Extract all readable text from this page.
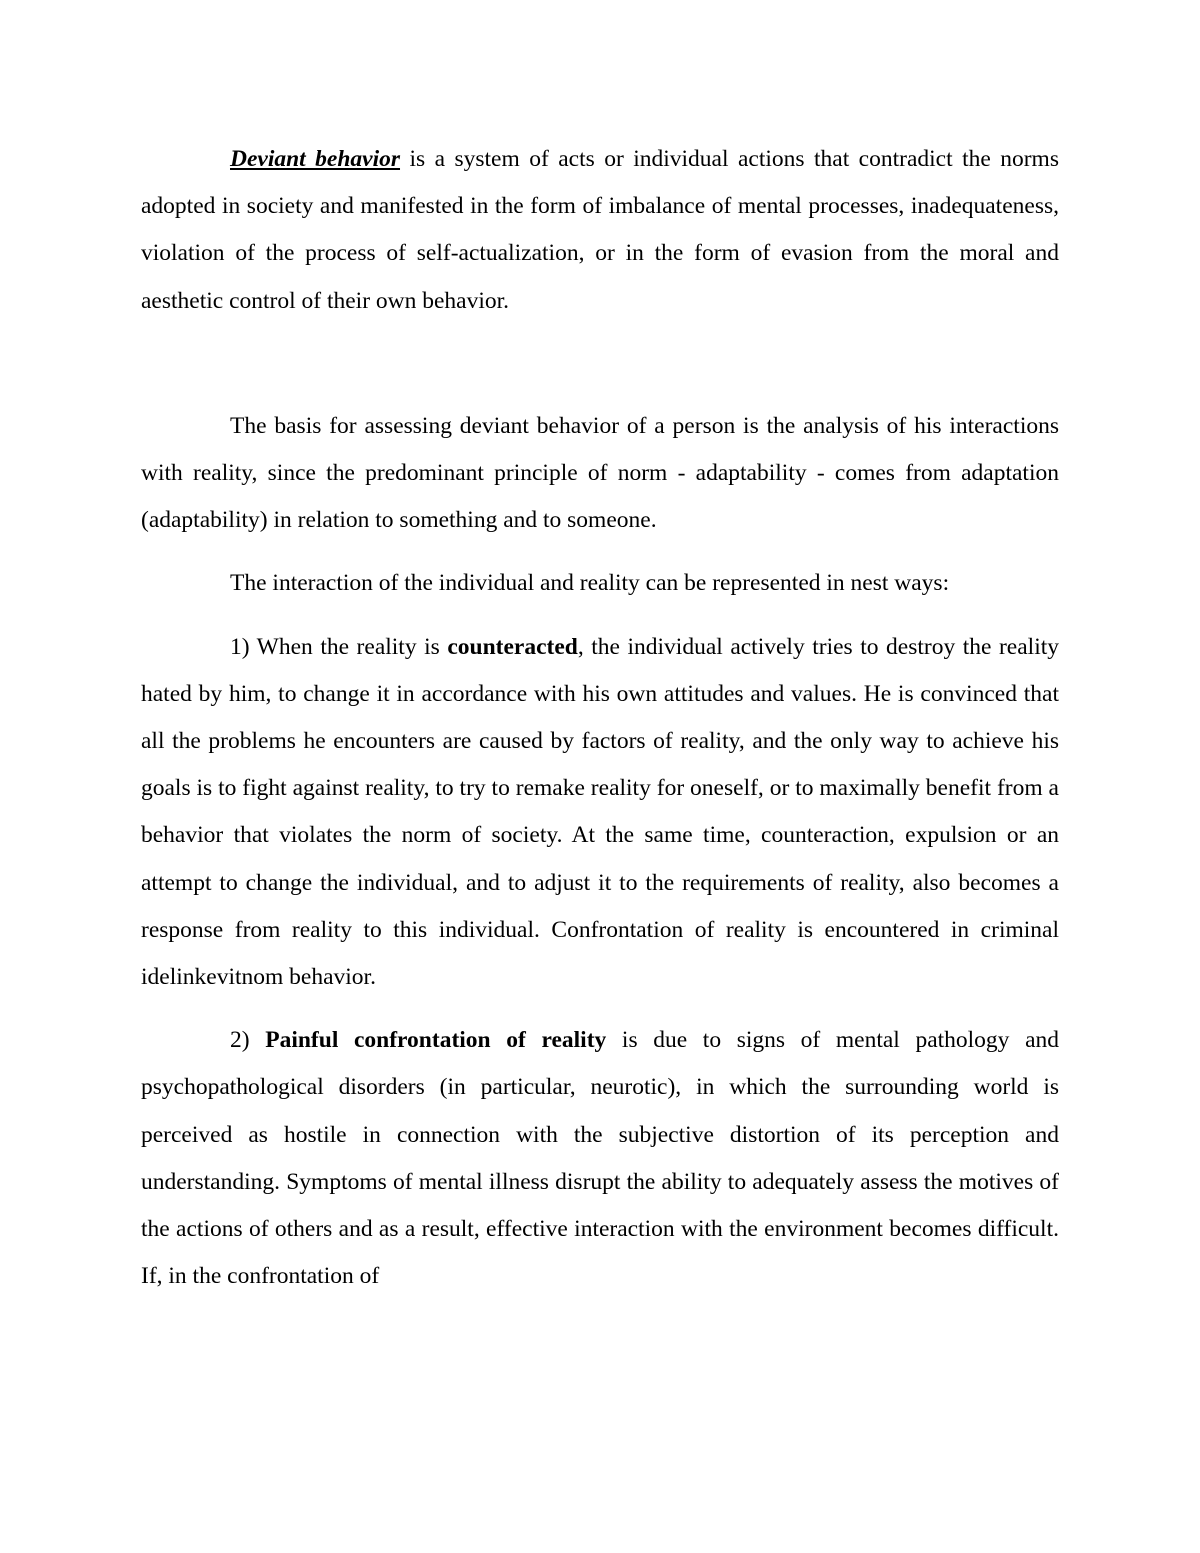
Deviant behavior is a system of acts or individual actions that contradict the norms adopted in society and manifested in the form of imbalance of mental processes, inadequateness, violation of the process of self-actualization, or in the form of evasion from the moral and aesthetic control of their own behavior.

The basis for assessing deviant behavior of a person is the analysis of his interactions with reality, since the predominant principle of norm - adaptability - comes from adaptation (adaptability) in relation to something and to someone.

The interaction of the individual and reality can be represented in nest ways:

1) When the reality is counteracted, the individual actively tries to destroy the reality hated by him, to change it in accordance with his own attitudes and values. He is convinced that all the problems he encounters are caused by factors of reality, and the only way to achieve his goals is to fight against reality, to try to remake reality for oneself, or to maximally benefit from a behavior that violates the norm of society. At the same time, counteraction, expulsion or an attempt to change the individual, and to adjust it to the requirements of reality, also becomes a response from reality to this individual. Confrontation of reality is encountered in criminal idelinkevitnom behavior.

2) Painful confrontation of reality is due to signs of mental pathology and psychopathological disorders (in particular, neurotic), in which the surrounding world is perceived as hostile in connection with the subjective distortion of its perception and understanding. Symptoms of mental illness disrupt the ability to adequately assess the motives of the actions of others and as a result, effective interaction with the environment becomes difficult. If, in the confrontation of
